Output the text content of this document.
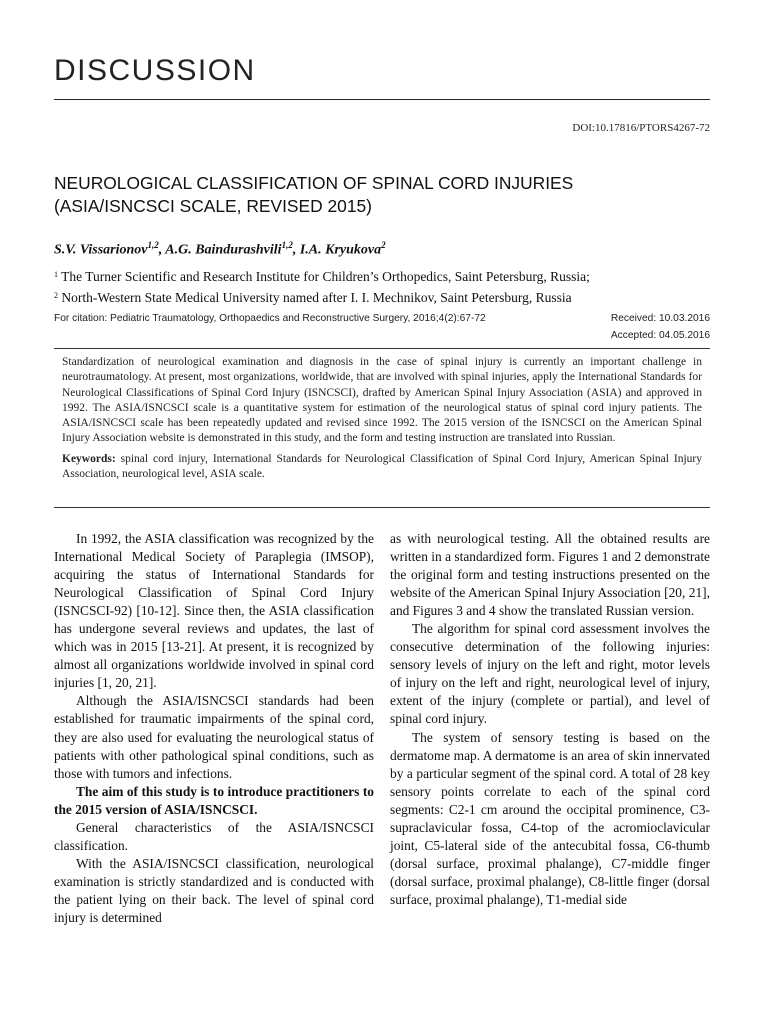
DISCUSSION
DOI:10.17816/PTORS4267-72
NEUROLOGICAL CLASSIFICATION OF SPINAL CORD INJURIES
(ASIA/ISNCSCI SCALE, REVISED 2015)
S.V. Vissarionov$^{1,2}$, A.G. Baindurashvili$^{1,2}$, I.A. Kryukova$^2$
$^1$ The Turner Scientific and Research Institute for Children’s Orthopedics, Saint Petersburg, Russia;
$^2$ North-Western State Medical University named after I. I. Mechnikov, Saint Petersburg, Russia
For citation: Pediatric Traumatology, Orthopaedics and Reconstructive Surgery, 2016;4(2):67-72	Received: 10.03.2016
Accepted: 04.05.2016

Standardization of neurological examination and diagnosis in the case of spinal injury is currently an important challenge in neurotraumatology. At present, most organizations, worldwide, that are involved with spinal injuries, apply the International Standards for Neurological Classifications of Spinal Cord Injury (ISNCSCI), drafted by American Spinal Injury Association (ASIA) and approved in 1992. The ASIA/ISNCSCI scale is a quantitative system for estimation of the neurological status of spinal cord injury patients. The ASIA/ISNCSCI scale has been repeatedly updated and revised since 1992. The 2015 version of the ISNCSCI on the American Spinal Injury Association website is demonstrated in this study, and the form and testing instruction are translated into Russian.

Keywords: spinal cord injury, International Standards for Neurological Classification of Spinal Cord Injury, American Spinal Injury Association, neurological level, ASIA scale.

In 1992, the ASIA classification was recognized by the International Medical Society of Paraplegia (IMSOP), acquiring the status of International Standards for Neurological Classification of Spinal Cord Injury (ISNCSCI-92) [10-12]. Since then, the ASIA classification has undergone several reviews and updates, the last of which was in 2015 [13-21]. At present, it is recognized by almost all organizations worldwide involved in spinal cord injuries [1, 20, 21].

Although the ASIA/ISNCSCI standards had been established for traumatic impairments of the spinal cord, they are also used for evaluating the neurological status of patients with other pathological spinal conditions, such as those with tumors and infections.

The aim of this study is to introduce practitioners to the 2015 version of ASIA/ISNCSCI.

General characteristics of the ASIA/ISNCSCI classification.

With the ASIA/ISNCSCI classification, neurological examination is strictly standardized and is conducted with the patient lying on their back. The level of spinal cord injury is determined

as with neurological testing. All the obtained results are written in a standardized form. Figures 1 and 2 demonstrate the original form and testing instructions presented on the website of the American Spinal Injury Association [20, 21], and Figures 3 and 4 show the translated Russian version.

The algorithm for spinal cord assessment involves the consecutive determination of the following injuries: sensory levels of injury on the left and right, motor levels of injury on the left and right, neurological level of injury, extent of the injury (complete or partial), and level of spinal cord injury.

The system of sensory testing is based on the dermatome map. A dermatome is an area of skin innervated by a particular segment of the spinal cord. A total of 28 key sensory points correlate to each of the spinal cord segments: C2-1 cm around the occipital prominence, C3-supraclavicular fossa, C4-top of the acromioclavicular joint, C5-lateral side of the antecubital fossa, C6-thumb (dorsal surface, proximal phalange), C7-middle finger (dorsal surface, proximal phalange), C8-little finger (dorsal surface, proximal phalange), T1-medial side
